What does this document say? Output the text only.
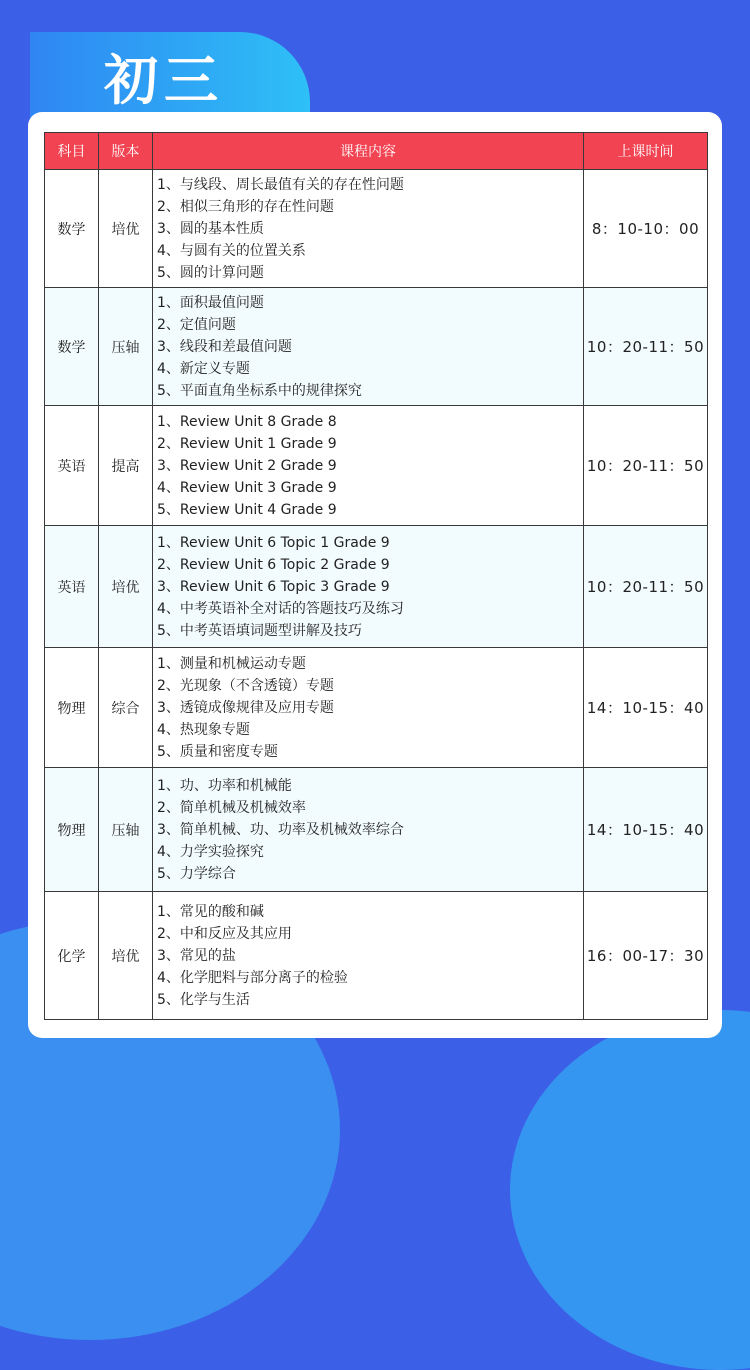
初三
科目	版本	课程内容	上课时间
数学	培优	1、与线段、周长最值有关的存在性问题
2、相似三角形的存在性问题
3、圆的基本性质
4、与圆有关的位置关系
5、圆的计算问题	8：10-10：00
数学	压轴	1、面积最值问题
2、定值问题
3、线段和差最值问题
4、新定义专题
5、平面直角坐标系中的规律探究	10：20-11：50
英语	提高	1、Review Unit 8 Grade 8
2、Review Unit 1 Grade 9
3、Review Unit 2 Grade 9
4、Review Unit 3 Grade 9
5、Review Unit 4 Grade 9	10：20-11：50
英语	培优	1、Review Unit 6 Topic 1 Grade 9
2、Review Unit 6 Topic 2 Grade 9
3、Review Unit 6 Topic 3 Grade 9
4、中考英语补全对话的答题技巧及练习
5、中考英语填词题型讲解及技巧	10：20-11：50
物理	综合	1、测量和机械运动专题
2、光现象（不含透镜）专题
3、透镜成像规律及应用专题
4、热现象专题
5、质量和密度专题	14：10-15：40
物理	压轴	1、功、功率和机械能
2、简单机械及机械效率
3、简单机械、功、功率及机械效率综合
4、力学实验探究
5、力学综合	14：10-15：40
化学	培优	1、常见的酸和碱
2、中和反应及其应用
3、常见的盐
4、化学肥料与部分离子的检验
5、化学与生活	16：00-17：30
